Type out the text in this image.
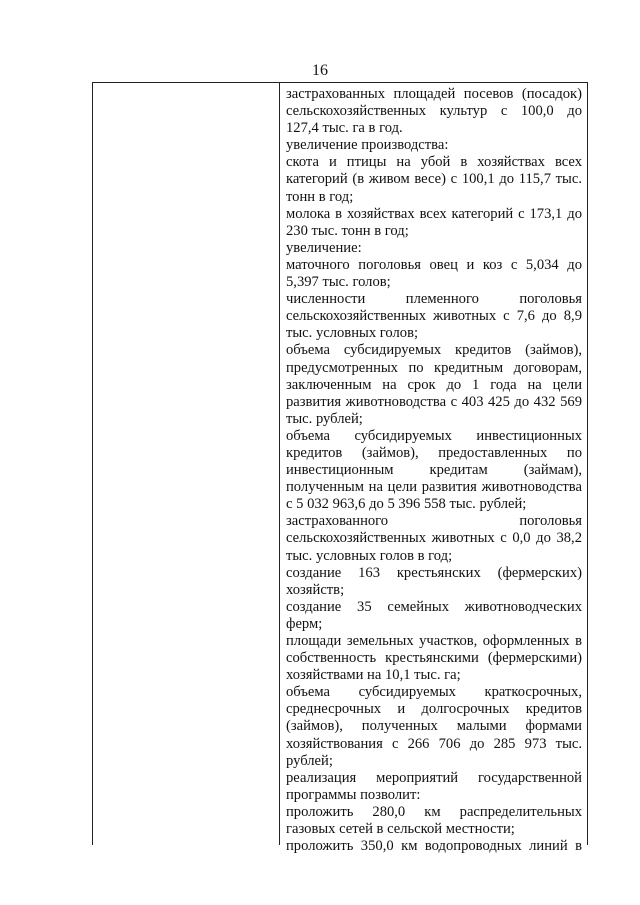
16
застрахованных площадей посевов (посадок)
сельскохозяйственных культур с 100,0 до
127,4 тыс. га в год.
увеличение производства:
скота и птицы на убой в хозяйствах всех
категорий (в живом весе) с 100,1 до 115,7 тыс.
тонн в год;
молока в хозяйствах всех категорий с 173,1 до
230 тыс. тонн в год;
увеличение:
маточного поголовья овец и коз с 5,034 до
5,397 тыс. голов;
численности племенного поголовья
сельскохозяйственных животных с 7,6 до 8,9
тыс. условных голов;
объема субсидируемых кредитов (займов),
предусмотренных по кредитным договорам,
заключенным на срок до 1 года на цели
развития животноводства с 403 425 до 432 569
тыс. рублей;
объема субсидируемых инвестиционных
кредитов (займов), предоставленных по
инвестиционным кредитам (займам),
полученным на цели развития животноводства
с 5 032 963,6 до 5 396 558 тыс. рублей;
застрахованного поголовья
сельскохозяйственных животных с 0,0 до 38,2
тыс. условных голов в год;
создание 163 крестьянских (фермерских)
хозяйств;
создание 35 семейных животноводческих
ферм;
площади земельных участков, оформленных в
собственность крестьянскими (фермерскими)
хозяйствами на 10,1 тыс. га;
объема субсидируемых краткосрочных,
среднесрочных и долгосрочных кредитов
(займов), полученных малыми формами
хозяйствования с 266 706 до 285 973 тыс.
рублей;
реализация мероприятий государственной
программы позволит:
проложить 280,0 км распределительных
газовых сетей в сельской местности;
проложить 350,0 км водопроводных линий в
